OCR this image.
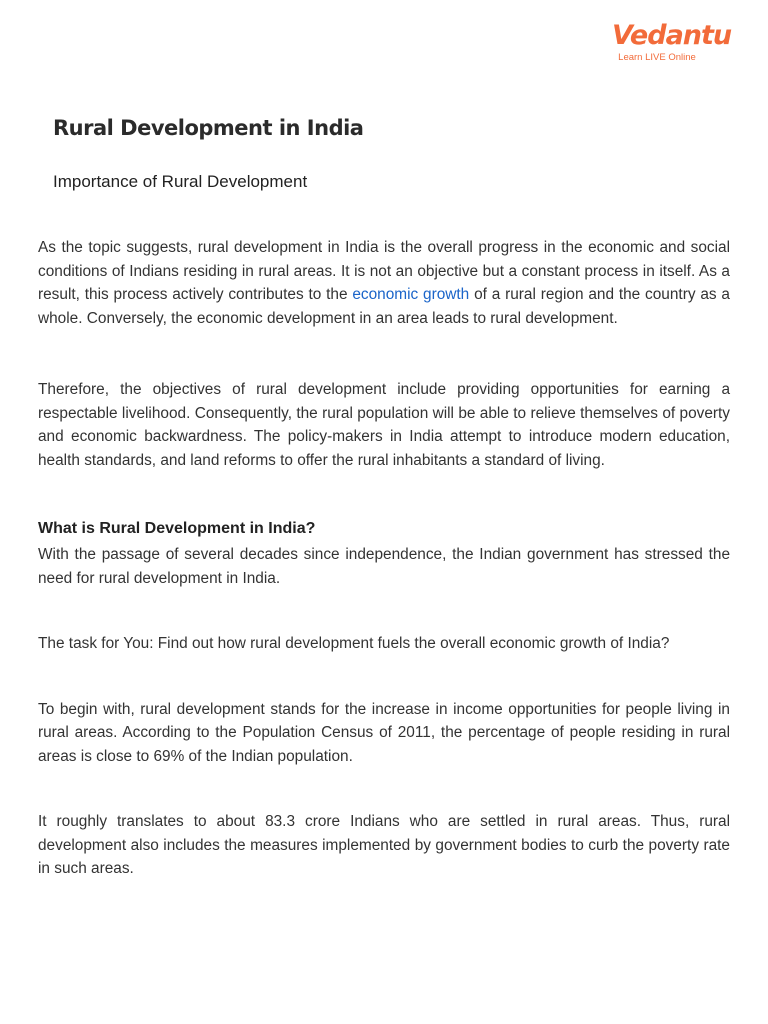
Vedantu
Learn LIVE Online
Rural Development in India
Importance of Rural Development

As the topic suggests, rural development in India is the overall progress in the economic and social conditions of Indians residing in rural areas. It is not an objective but a constant process in itself. As a result, this process actively contributes to the economic growth of a rural region and the country as a whole. Conversely, the economic development in an area leads to rural development.

Therefore, the objectives of rural development include providing opportunities for earning a respectable livelihood. Consequently, the rural population will be able to relieve themselves of poverty and economic backwardness. The policy-makers in India attempt to introduce modern education, health standards, and land reforms to offer the rural inhabitants a standard of living.

What is Rural Development in India?

With the passage of several decades since independence, the Indian government has stressed the need for rural development in India.

The task for You: Find out how rural development fuels the overall economic growth of India?

To begin with, rural development stands for the increase in income opportunities for people living in rural areas. According to the Population Census of 2011, the percentage of people residing in rural areas is close to 69% of the Indian population.

It roughly translates to about 83.3 crore Indians who are settled in rural areas. Thus, rural development also includes the measures implemented by government bodies to curb the poverty rate in such areas.
